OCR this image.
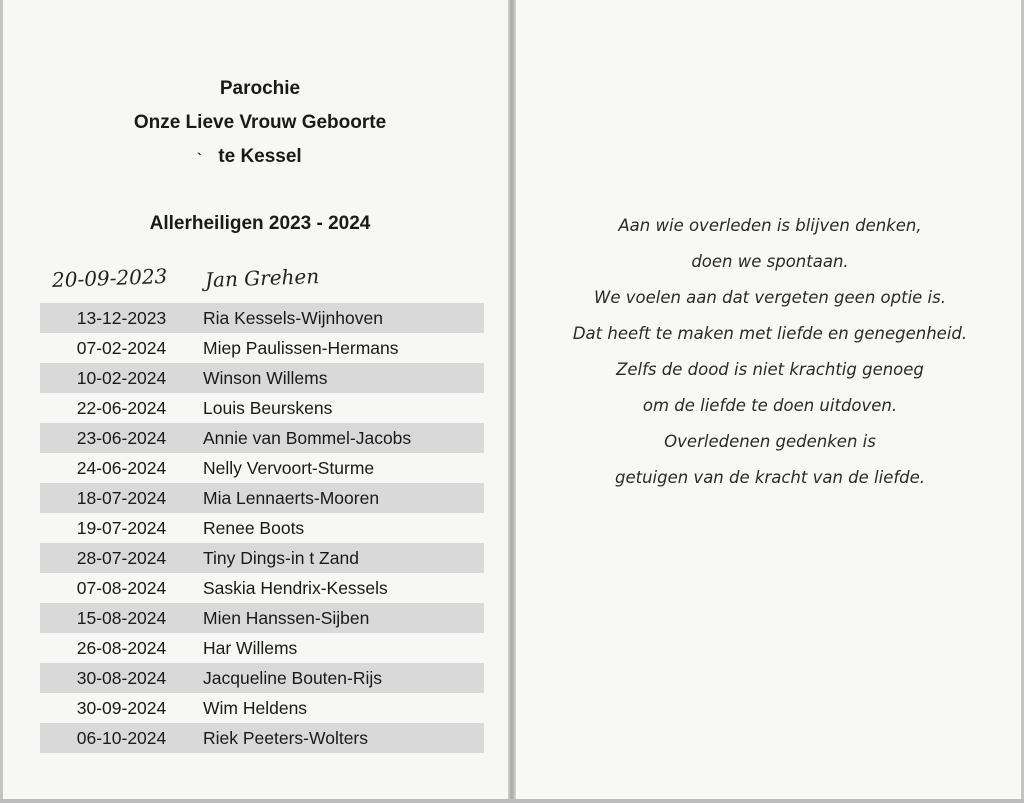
Parochie
Onze Lieve Vrouw Geboorte
te Kessel
`
Allerheiligen 2023 - 2024
20-09-2023 Jan Grehen
13-12-2023	Ria Kessels-Wijnhoven
07-02-2024	Miep Paulissen-Hermans
10-02-2024	Winson Willems
22-06-2024	Louis Beurskens
23-06-2024	Annie van Bommel-Jacobs
24-06-2024	Nelly Vervoort-Sturme
18-07-2024	Mia Lennaerts-Mooren
19-07-2024	Renee Boots
28-07-2024	Tiny Dings-in t Zand
07-08-2024	Saskia Hendrix-Kessels
15-08-2024	Mien Hanssen-Sijben
26-08-2024	Har Willems
30-08-2024	Jacqueline Bouten-Rijs
30-09-2024	Wim Heldens
06-10-2024	Riek Peeters-Wolters
Aan wie overleden is blijven denken,
doen we spontaan.
We voelen aan dat vergeten geen optie is.
Dat heeft te maken met liefde en genegenheid.
Zelfs de dood is niet krachtig genoeg
om de liefde te doen uitdoven.
Overledenen gedenken is
getuigen van de kracht van de liefde.
